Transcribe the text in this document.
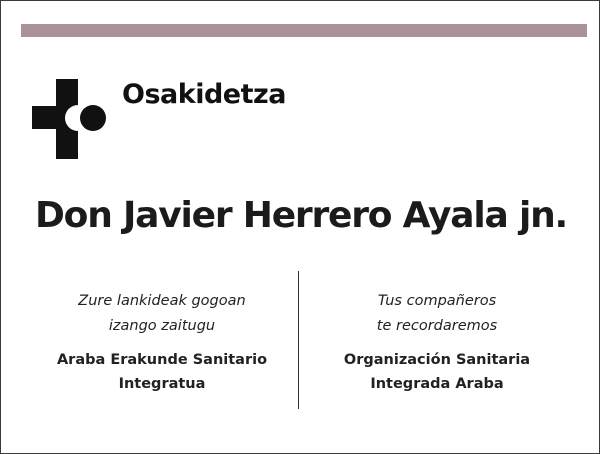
Osakidetza
Don Javier Herrero Ayala jn.
Zure lankideak gogoan
izango zaitugu
Araba Erakunde Sanitario
Integratua
Tus compañeros
te recordaremos
Organización Sanitaria
Integrada Araba
